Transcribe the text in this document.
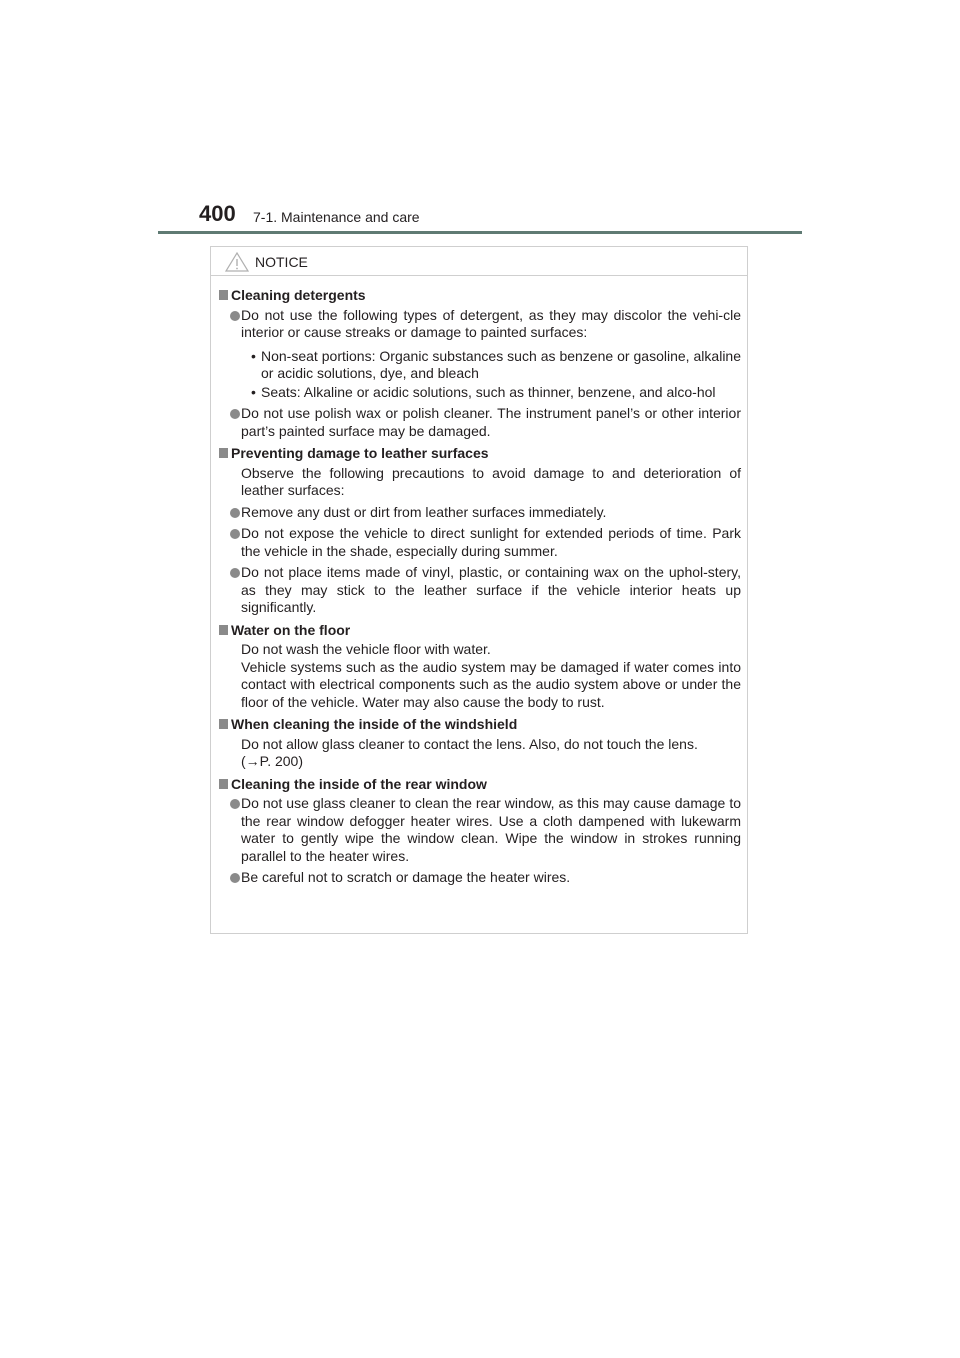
400 7-1. Maintenance and care
NOTICE
Cleaning detergents
Do not use the following types of detergent, as they may discolor the vehi-cle interior or cause streaks or damage to painted surfaces:
• Non-seat portions: Organic substances such as benzene or gasoline, alkaline or acidic solutions, dye, and bleach
• Seats: Alkaline or acidic solutions, such as thinner, benzene, and alco-hol
Do not use polish wax or polish cleaner. The instrument panel’s or other interior part’s painted surface may be damaged.
Preventing damage to leather surfaces
Observe the following precautions to avoid damage to and deterioration of leather surfaces:
Remove any dust or dirt from leather surfaces immediately.
Do not expose the vehicle to direct sunlight for extended periods of time. Park the vehicle in the shade, especially during summer.
Do not place items made of vinyl, plastic, or containing wax on the uphol-stery, as they may stick to the leather surface if the vehicle interior heats up significantly.
Water on the floor
Do not wash the vehicle floor with water.
Vehicle systems such as the audio system may be damaged if water comes into contact with electrical components such as the audio system above or under the floor of the vehicle. Water may also cause the body to rust.
When cleaning the inside of the windshield
Do not allow glass cleaner to contact the lens. Also, do not touch the lens.
(→P. 200)
Cleaning the inside of the rear window
Do not use glass cleaner to clean the rear window, as this may cause damage to the rear window defogger heater wires. Use a cloth dampened with lukewarm water to gently wipe the window clean. Wipe the window in strokes running parallel to the heater wires.
Be careful not to scratch or damage the heater wires.
